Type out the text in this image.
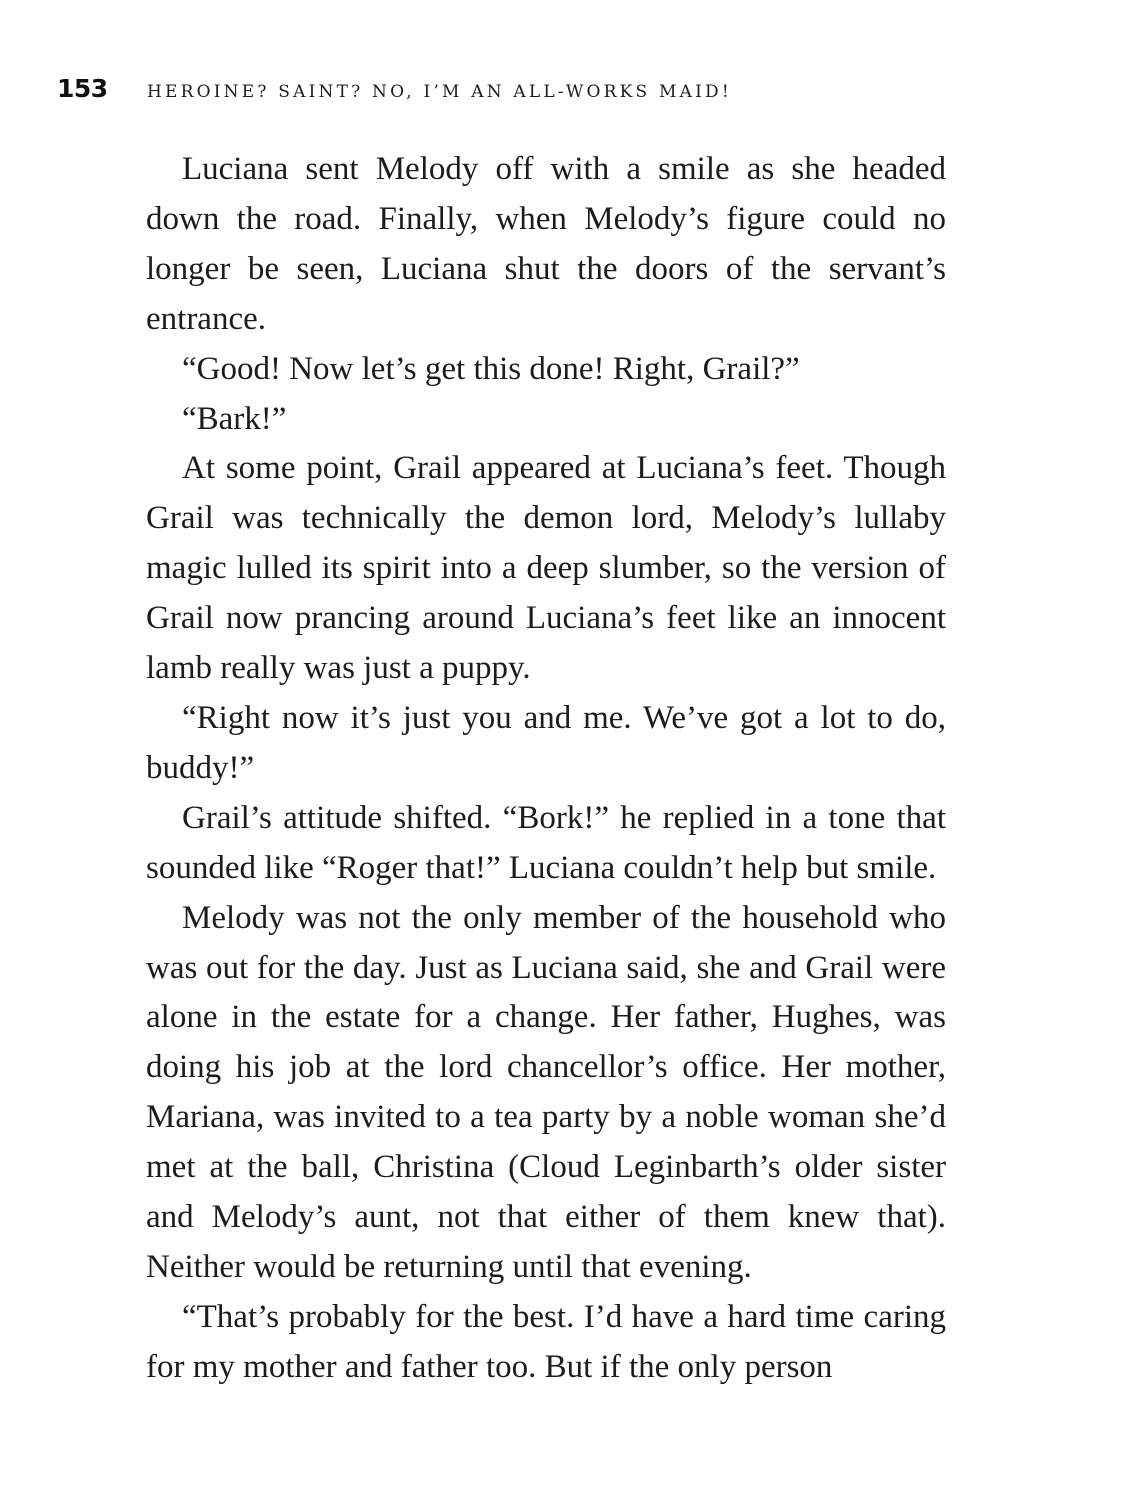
153	HEROINE? SAINT? NO, I’M AN ALL-WORKS MAID!

Luciana sent Melody off with a smile as she headed down the road. Finally, when Melody’s figure could no longer be seen, Luciana shut the doors of the servant’s entrance.

“Good! Now let’s get this done! Right, Grail?”

“Bark!”

At some point, Grail appeared at Luciana’s feet. Though Grail was technically the demon lord, Melody’s lullaby magic lulled its spirit into a deep slumber, so the version of Grail now prancing around Luciana’s feet like an innocent lamb really was just a puppy.

“Right now it’s just you and me. We’ve got a lot to do, buddy!”

Grail’s attitude shifted. “Bork!” he replied in a tone that sounded like “Roger that!” Luciana couldn’t help but smile.

Melody was not the only member of the household who was out for the day. Just as Luciana said, she and Grail were alone in the estate for a change. Her father, Hughes, was doing his job at the lord chancellor’s office. Her mother, Mariana, was invited to a tea party by a noble woman she’d met at the ball, Christina (Cloud Leginbarth’s older sister and Melody’s aunt, not that either of them knew that). Neither would be returning until that evening.

“That’s probably for the best. I’d have a hard time caring for my mother and father too. But if the only person
